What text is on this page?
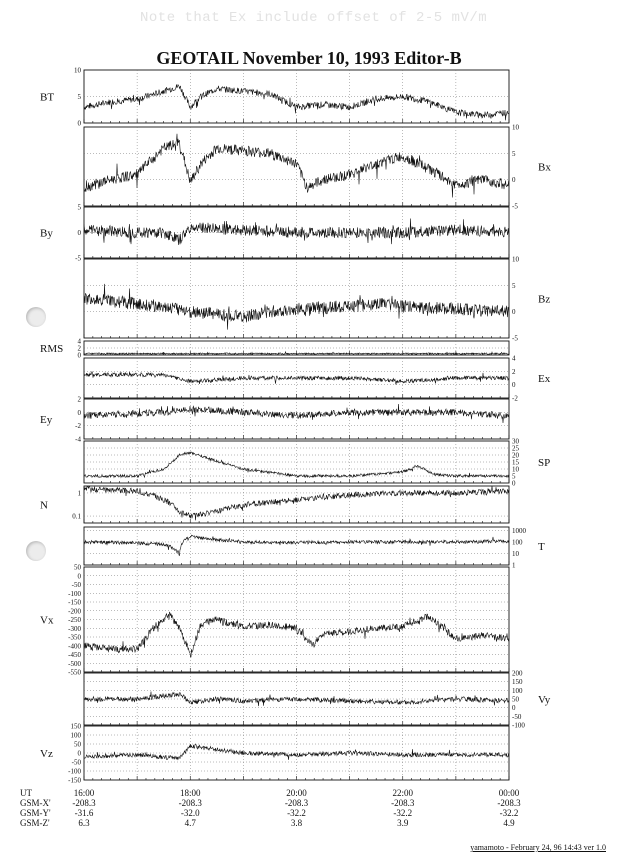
Note that Ex include offset of 2-5 mV/m
GEOTAIL November 10, 1993 Editor-B
10
5
0
BT
10
5
0
-5
Bx
5
0
-5
By
10
5
0
-5
Bz
4
2
0
RMS
4
2
0
-2
Ex
2
0
-2
-4
Ey
30
25
20
15
10
5
0
SP
1
0.1
N
1000
100
10
1
T
50
0
-50
-100
-150
-200
-250
-300
-350
-400
-450
-500
-550
Vx
200
150
100
50
0
-50
-100
Vy
150
100
50
0
-50
-100
-150
Vz
UT
GSM-X'
GSM-Y'
GSM-Z'
16:00
-208.3
-31.6
6.3
18:00
-208.3
-32.0
4.7
20:00
-208.3
-32.2
3.8
22:00
-208.3
-32.2
3.9
00:00
-208.3
-32.2
4.9
yamamoto - February 24, 96 14:43 ver 1.0
